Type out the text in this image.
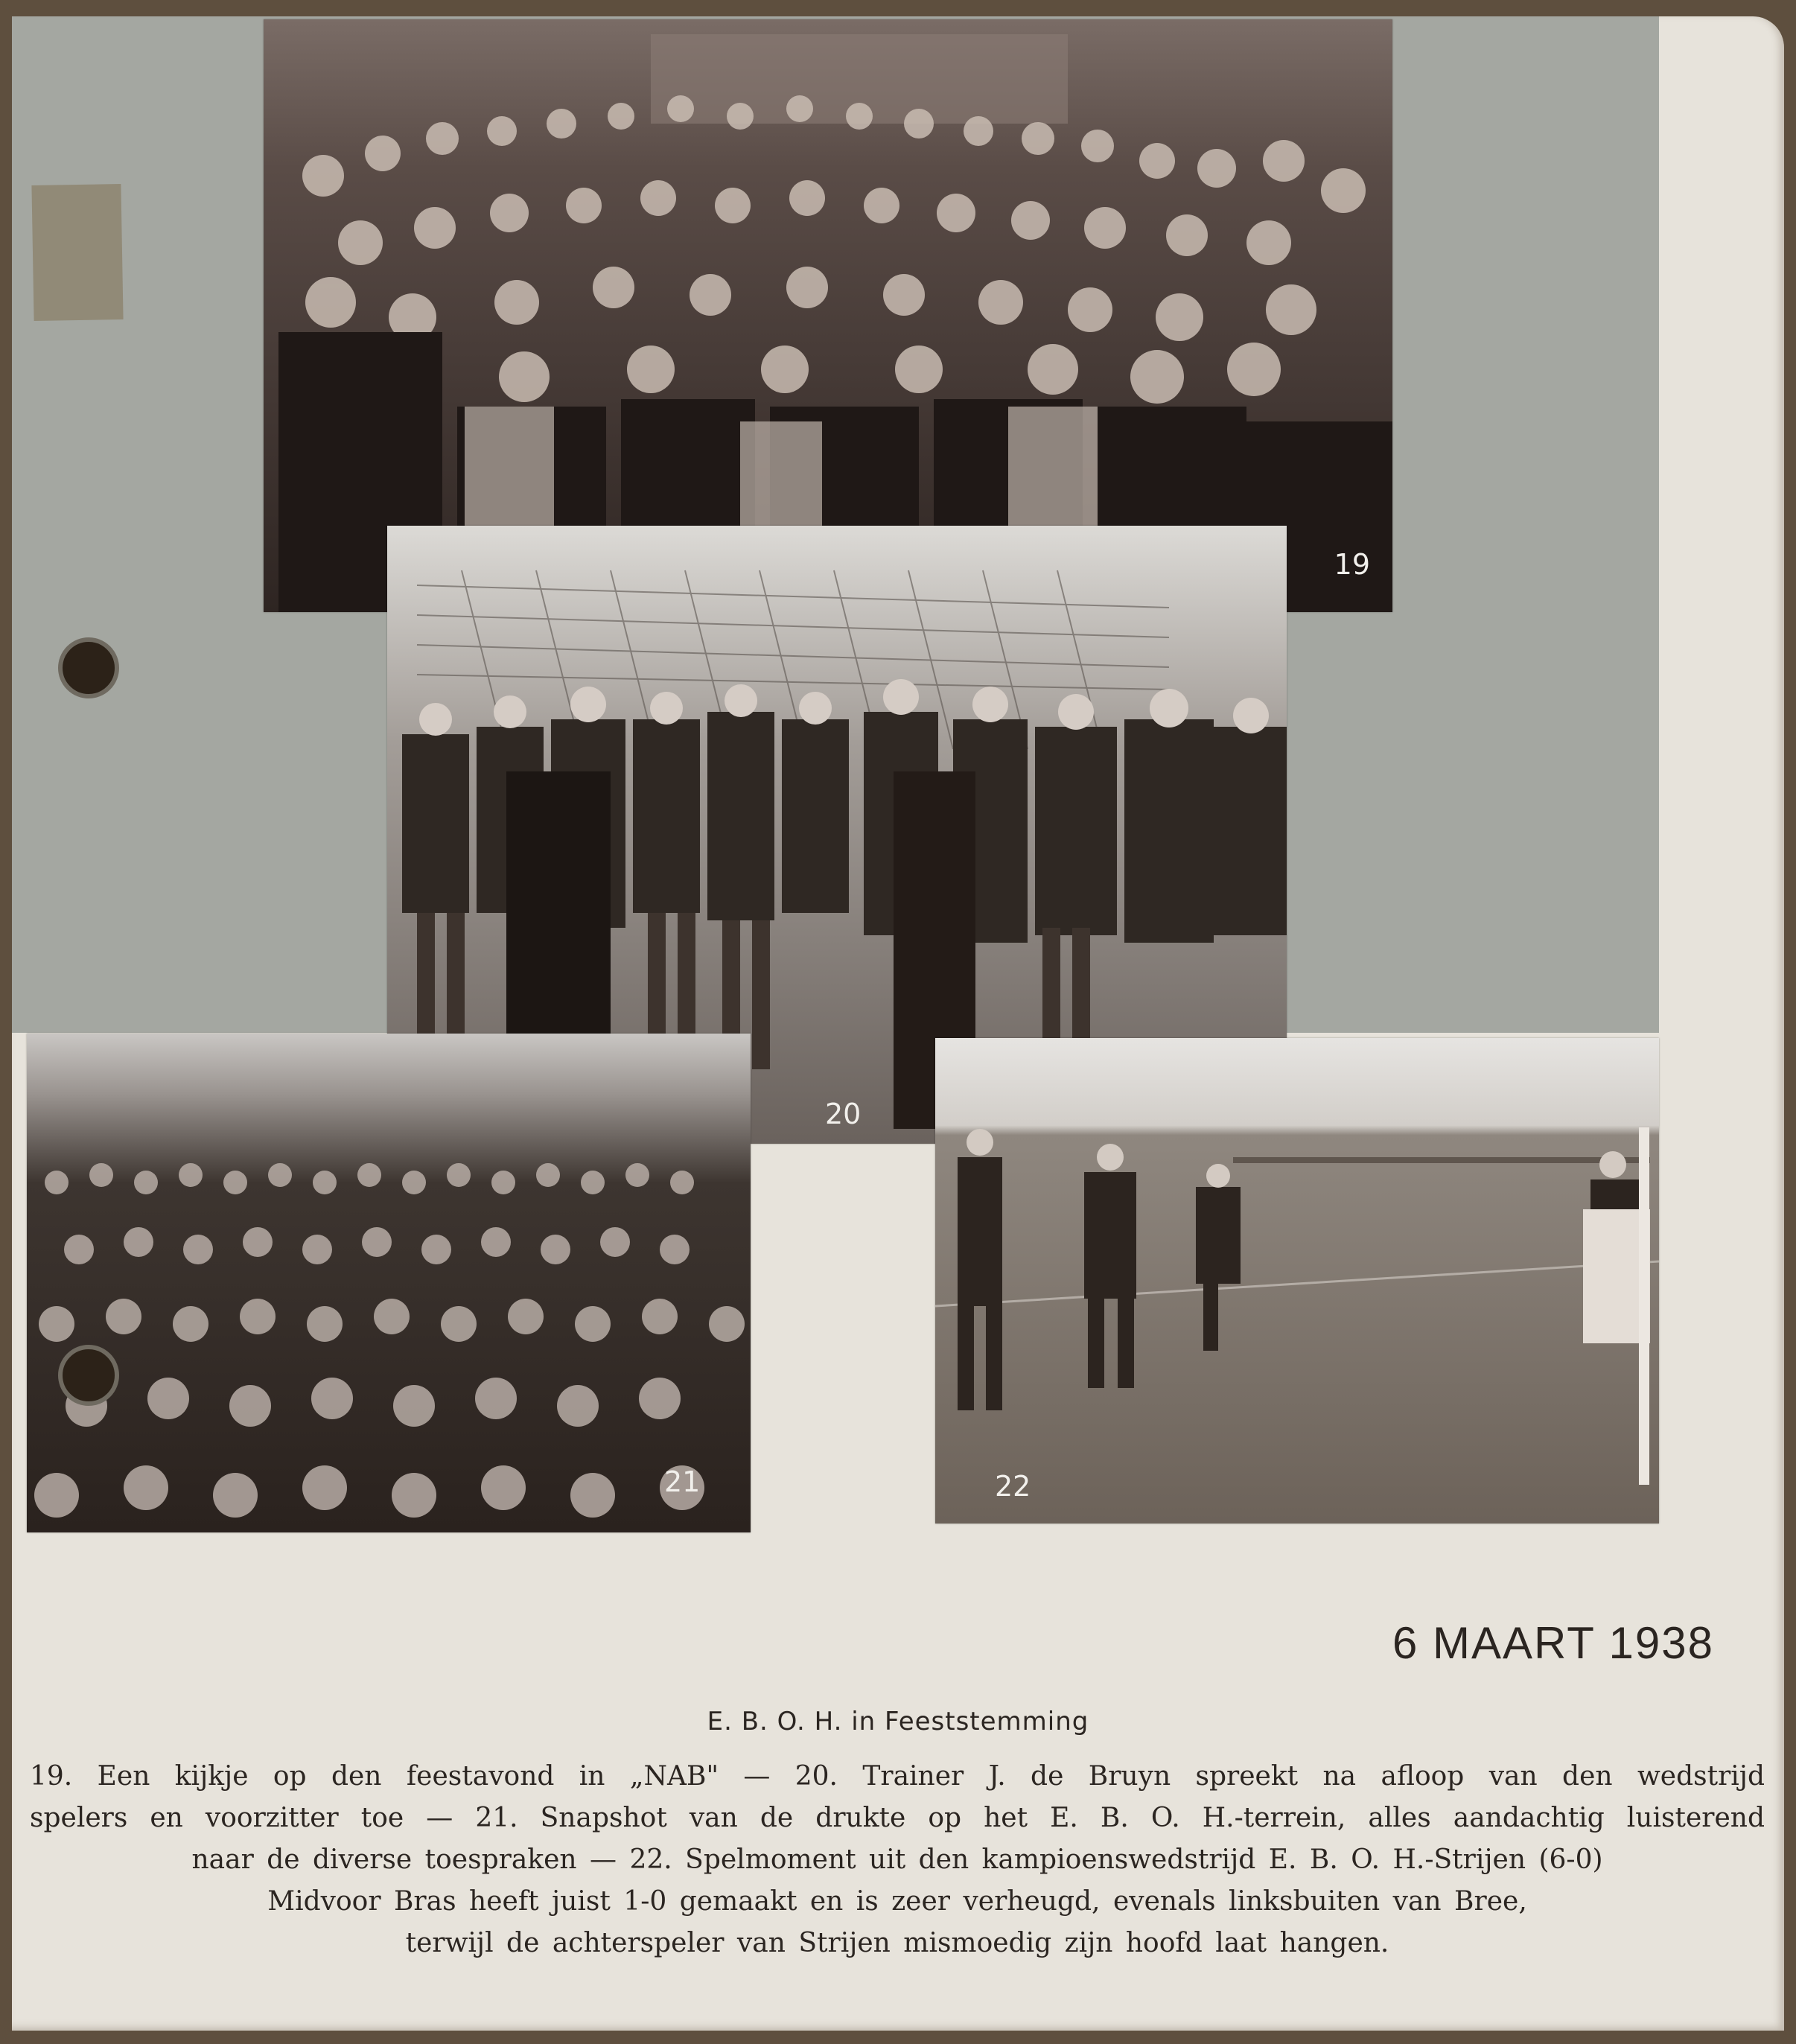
19
20
21	22
6 MAART 1938
E. B. O. H. in Feeststemming
19. Een kijkje op den feestavond in „NAB" — 20. Trainer J. de Bruyn spreekt na afloop van den wedstrijd
spelers en voorzitter toe — 21. Snapshot van de drukte op het E. B. O. H.-terrein, alles aandachtig luisterend
naar de diverse toespraken — 22. Spelmoment uit den kampioenswedstrijd E. B. O. H.-Strijen (6-0)
Midvoor Bras heeft juist 1-0 gemaakt en is zeer verheugd, evenals linksbuiten van Bree,
terwijl de achterspeler van Strijen mismoedig zijn hoofd laat hangen.
